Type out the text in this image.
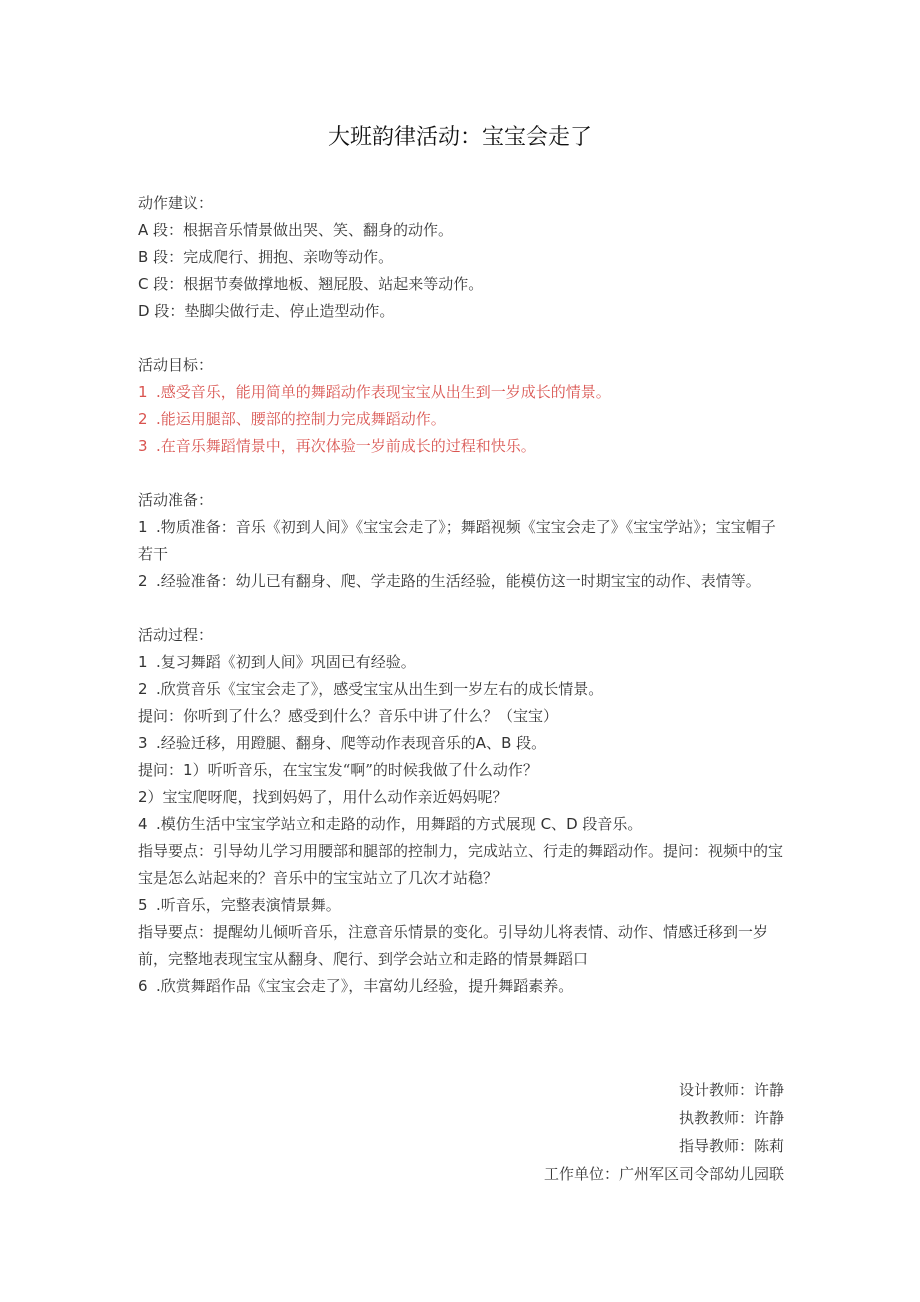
大班韵律活动：宝宝会走了
动作建议：
A 段：根据音乐情景做出哭、笑、翻身的动作。
B 段：完成爬行、拥抱、亲吻等动作。
C 段：根据节奏做撑地板、翘屁股、站起来等动作。
D 段：垫脚尖做行走、停止造型动作。
活动目标：
1 .感受音乐，能用简单的舞蹈动作表现宝宝从出生到一岁成长的情景。
2 .能运用腿部、腰部的控制力完成舞蹈动作。
3 .在音乐舞蹈情景中，再次体验一岁前成长的过程和快乐。
活动准备：
1 .物质准备：音乐《初到人间》《宝宝会走了》；舞蹈视频《宝宝会走了》《宝宝学站》；宝宝帽子若干
2 .经验准备：幼儿已有翻身、爬、学走路的生活经验，能模仿这一时期宝宝的动作、表情等。
活动过程：
1 .复习舞蹈《初到人间》巩固已有经验。
2 .欣赏音乐《宝宝会走了》，感受宝宝从出生到一岁左右的成长情景。
提问：你听到了什么？感受到什么？音乐中讲了什么？（宝宝）
3 .经验迁移，用蹬腿、翻身、爬等动作表现音乐的A、B 段。
提问：1）听听音乐，在宝宝发“啊”的时候我做了什么动作？
2）宝宝爬呀爬，找到妈妈了，用什么动作亲近妈妈呢？
4 .模仿生活中宝宝学站立和走路的动作，用舞蹈的方式展现 C、D 段音乐。
指导要点：引导幼儿学习用腰部和腿部的控制力，完成站立、行走的舞蹈动作。提问：视频中的宝宝是怎么站起来的？音乐中的宝宝站立了几次才站稳？
5 .听音乐，完整表演情景舞。
指导要点：提醒幼儿倾听音乐，注意音乐情景的变化。引导幼儿将表情、动作、情感迁移到一岁前，完整地表现宝宝从翻身、爬行、到学会站立和走路的情景舞蹈口
6 .欣赏舞蹈作品《宝宝会走了》，丰富幼儿经验，提升舞蹈素养。
设计教师：许静
执教教师：许静
指导教师：陈莉
工作单位：广州军区司令部幼儿园联
